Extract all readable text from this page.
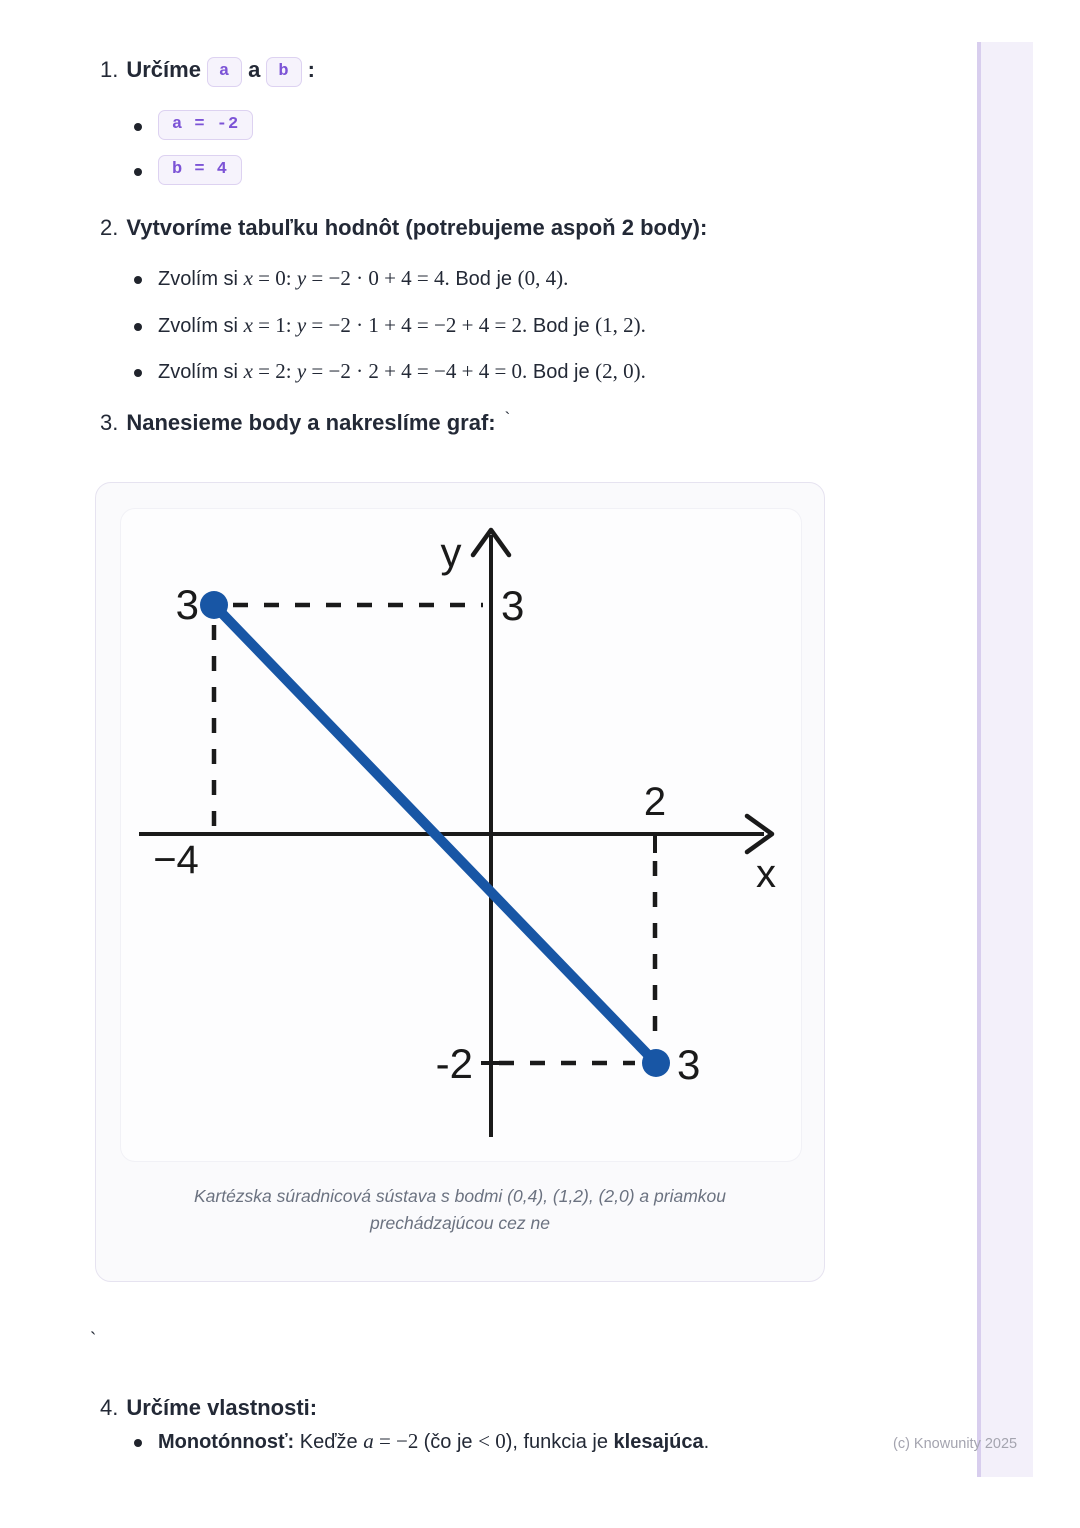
1. Určíme a a b :
a = -2
b = 4
2. Vytvoríme tabuľku hodnôt (potrebujeme aspoň 2 body):
Zvolím si x = 0: y = −2 · 0 + 4 = 4. Bod je (0, 4).
Zvolím si x = 1: y = −2 · 1 + 4 = −2 + 4 = 2. Bod je (1, 2).
Zvolím si x = 2: y = −2 · 2 + 4 = −4 + 4 = 0. Bod je (2, 0).
3. Nanesieme body a nakreslíme graf: `
y
x
3	3
−4
2
-2	3
Kartézska súradnicová sústava s bodmi (0,4), (1,2), (2,0) a priamkou
prechádzajúcou cez ne
`
4. Určíme vlastnosti:
Monotónnosť: Keďže a = −2 (čo je < 0), funkcia je klesajúca.	(c) Knowunity 2025
